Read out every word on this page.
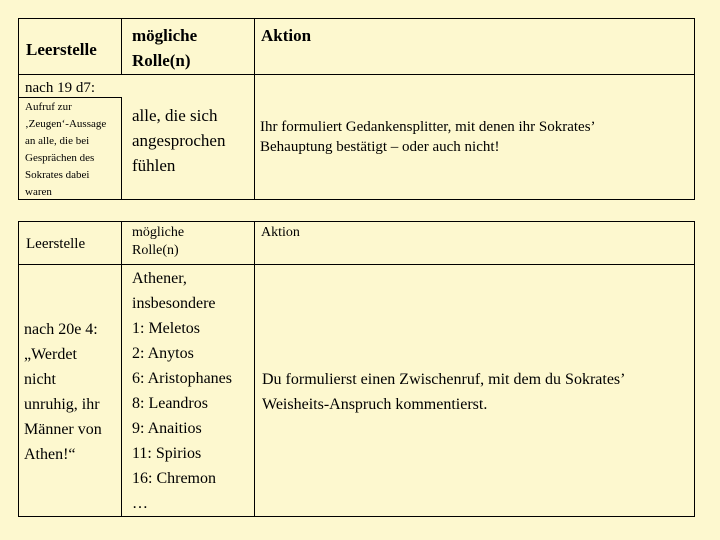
Leerstelle
mögliche
Rolle(n)
Aktion
nach 19 d7:
Aufruf zur
‚Zeugen‘-Aussage
an alle, die bei
Gesprächen des
Sokrates dabei
waren
alle, die sich
angesprochen
fühlen
Ihr formuliert Gedankensplitter, mit denen ihr Sokrates’
Behauptung bestätigt – oder auch nicht!
Leerstelle
mögliche
Rolle(n)
Aktion
nach 20e 4:
„Werdet
nicht
unruhig, ihr
Männer von
Athen!“
Athener,
insbesondere
1: Meletos
2: Anytos
6: Aristophanes
8: Leandros
9: Anaitios
11: Spirios
16: Chremon
…
Du formulierst einen Zwischenruf, mit dem du Sokrates’
Weisheits-Anspruch kommentierst.
